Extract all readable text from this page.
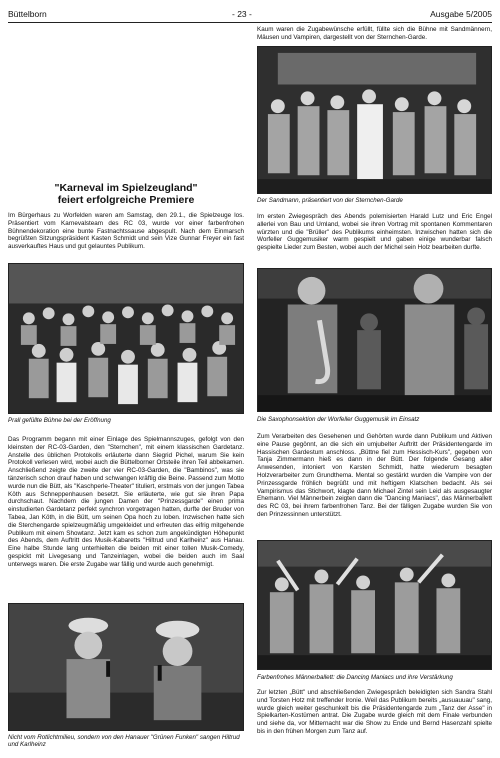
Büttelborn	- 23 -	Ausgabe 5/2005
"Karneval im Spielzeugland"
feiert erfolgreiche Premiere
Im Bürgerhaus zu Worfelden waren am Samstag, den 29.1., die Spielzeuge los. Präsentiert vom Karnevalsteam des RC 03, wurde vor einer farbenfrohen Bühnendekoration eine bunte Fastnachtssause abgespult. Nach dem Einmarsch begrüßten Sitzungspräsident Kasten Schmidt und sein Vize Gunnar Freyer ein fast ausverkauftes Haus und gut gelauntes Publikum.
Prall gefüllte Bühne bei der Eröffnung
Das Programm begann mit einer Einlage des Spielmannszuges, gefolgt von den kleinsten der RC-03-Garden, den "Sternchen", mit einem klassischen Gardetanz. Anstelle des üblichen Protokolls erläuterte dann Siegrid Pichel, warum Sie kein Protokoll verlesen wird, wobei auch die Büttelborner Ortsteile ihren Teil abbekamen. Anschließend zeigte die zweite der vier RC-03-Garden, die "Bambinos", was sie tänzerisch schon drauf haben und schwangen kräftig die Beine. Passend zum Motto wurde nun die Bütt, als "Kaschperle-Theater" tituliert, erstmals von der jungen Tabea Köth aus Schneppenhausen besetzt. Sie erläuterte, wie gut sie ihren Papa durchschaut. Nachdem die jungen Damen der "Prinzessgarde" einen prima einstudierten Gardetanz perfekt synchron vorgetragen hatten, durfte der Bruder von Tabea, Jan Köth, in die Bütt, um seinen Opa hoch zu loben. Inzwischen hatte sich die Sterchengarde spielzeugmäßig umgekleidet und erfreuten das eifrig mitgehende Publikum mit einem Showtanz. Jetzt kam es schon zum angekündigten Höhepunkt des Abends, dem Auftritt des Musik-Kabaretts "Hiltrud und Karlheinz" aus Hanau. Eine halbe Stunde lang unterhielten die beiden mit einer tollen Musik-Comedy, gespickt mit Livegesang und Tanzeinlagen, wobei die beiden auch im Saal unterwegs waren. Die erste Zugabe war fällig und wurde auch genehmigt.
Nicht vom Rotlichtmilieu, sondern von den Hanauer "Grünen Funken" sangen Hiltrud und Karlheinz
Kaum waren die Zugabewünsche erfüllt, füllte sich die Bühne mit Sandmännern, Mäusen und Vampiren, dargestellt von der Sternchen-Garde.
Der Sandmann, präsentiert von der Sternchen-Garde
Im ersten Zwiegespräch des Abends polemisierten Harald Lutz und Eric Engel allerlei von Bau und Umland, wobei sie ihren Vortrag mit spontanen Kommentaren würzten und die "Brüller" des Publikums einheimsten. Inzwischen hatten sich die Worfeller Guggemusiker warm gespielt und gaben einige wunderbar falsch gespielte Lieder zum Besten, wobei auch der Michel sein Holz bearbeiten durfte.
Die Saxophonsektion der Worfeller Guggemusik im Einsatz
Zum Verarbeiten des Gesehenen und Gehörten wurde dann Publikum und Aktiven eine Pause gegönnt, an die sich ein umjubelter Auftritt der Präsidentengarde im Hassischen Gardestum anschloss. „Büttne fiel zum Hessisch-Kurs", gegeben von Tanja Zimmermann hieß es dann in der Bütt. Der folgende Gesang aller Anwesenden, intoniert von Karsten Schmidt, hatte wiederum besagten Holzverarbeiter zum Grundthema. Mental so gestärkt wurden die Vampire von der Prinzessgarde fröhlich begrüßt und mit heftigem Klatschen bedacht. Als sei Vampirismus das Stichwort, klagte dann Michael Zintel sein Leid als ausgesaugter Ehemann. Viel Männerbein zeigten dann die "Dancing Maniacs", das Männerballett des RC 03, bei ihrem farbenfrohen Tanz. Bei der fälligen Zugabe wurden Sie von den Prinzessinnen unterstützt.
Farbenfrohes Männerballett: die Dancing Maniacs und ihre Verstärkung
Zur letzten „Bütt" und abschließenden Zwiegespräch beleidigten sich Sandra Stahl und Torsten Hotz mit treffender Ironie. Weil das Publikum bereits „ausuauuau" sang, wurde gleich weiter geschunkelt bis die Präsidentengarde zum „Tanz der Asse" in Spielkarten-Kostümen antrat. Die Zugabe wurde gleich mit dem Finale verbunden und siehe da, vor Mitternacht war die Show zu Ende und Bernd Hasenzahl spielte bis in den frühen Morgen zum Tanz auf.
